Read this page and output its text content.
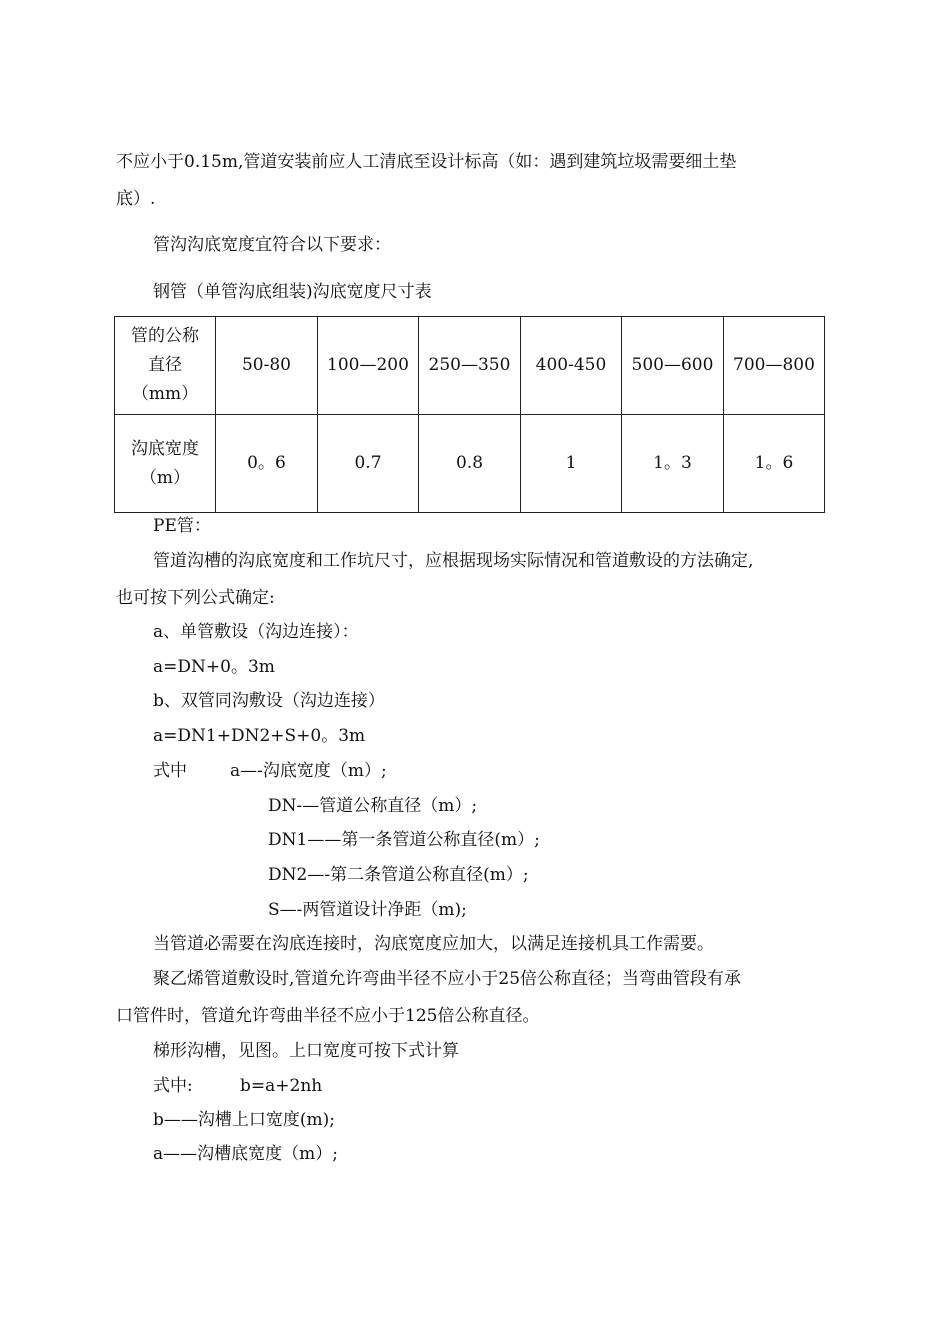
不应小于0.15m,管道安装前应人工清底至设计标高（如：遇到建筑垃圾需要细土垫
底）.
管沟沟底宽度宜符合以下要求：
钢管（单管沟底组装)沟底宽度尺寸表
管的公称
直径
（mm）	50-80	100—200	250—350	400-450	500—600	700—800

沟底宽度
（m）	0。6	0.7	0.8	1	1。3	1。6
PE管：
管道沟槽的沟底宽度和工作坑尺寸，应根据现场实际情况和管道敷设的方法确定,
也可按下列公式确定:
a、单管敷设（沟边连接）：
a=DN+0。3m
b、双管同沟敷设（沟边连接）
a=DN1+DN2+S+0。3m
式中	a—-沟底宽度（m）;
DN-—管道公称直径（m）;
DN1——第一条管道公称直径(m）;
DN2—-第二条管道公称直径(m）;
S—-两管道设计净距（m);
当管道必需要在沟底连接时，沟底宽度应加大，以满足连接机具工作需要。
聚乙烯管道敷设时,管道允许弯曲半径不应小于25倍公称直径；当弯曲管段有承
口管件时，管道允许弯曲半径不应小于125倍公称直径。
梯形沟槽，见图。上口宽度可按下式计算
式中:	b=a+2nh
b——沟槽上口宽度(m);
a——沟槽底宽度（m）;
